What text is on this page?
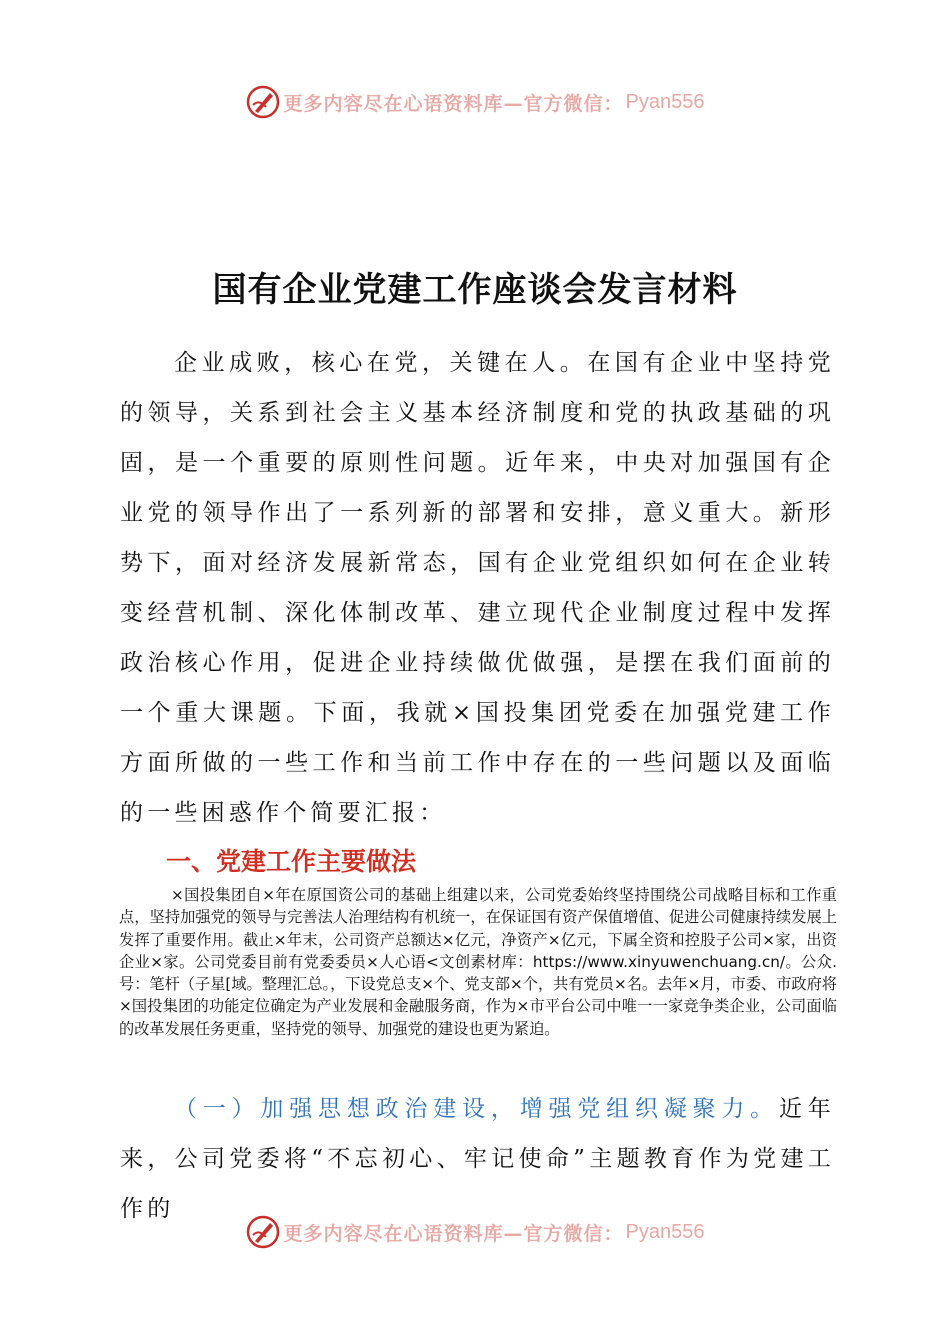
更多内容尽在心语资料库—官方微信： Pyan556
国有企业党建工作座谈会发言材料

企业成败，核心在党，关键在人。在国有企业中坚持党的领导，关系到社会主义基本经济制度和党的执政基础的巩固，是一个重要的原则性问题。近年来，中央对加强国有企业党的领导作出了一系列新的部署和安排，意义重大。新形势下，面对经济发展新常态，国有企业党组织如何在企业转变经营机制、深化体制改革、建立现代企业制度过程中发挥政治核心作用，促进企业持续做优做强，是摆在我们面前的一个重大课题。下面，我就×国投集团党委在加强党建工作方面所做的一些工作和当前工作中存在的一些问题以及面临的一些困惑作个简要汇报：

一、党建工作主要做法

×国投集团自×年在原国资公司的基础上组建以来，公司党委始终坚持围绕公司战略目标和工作重点，坚持加强党的领导与完善法人治理结构有机统一，在保证国有资产保值增值、促进公司健康持续发展上发挥了重要作用。截止×年末，公司资产总额达×亿元，净资产×亿元，下属全资和控股子公司×家，出资企业×家。公司党委目前有党委委员×人心语<文创素材库：https://www.xinyuwenchuang.cn/。公众.号：笔杆（子星[域。整理汇总。，下设党总支×个、党支部×个，共有党员×名。去年×月，市委、市政府将×国投集团的功能定位确定为产业发展和金融服务商，作为×市平台公司中唯一一家竞争类企业，公司面临的改革发展任务更重，坚持党的领导、加强党的建设也更为紧迫。

（一）加强思想政治建设，增强党组织凝聚力。近年来，公司党委将“不忘初心、牢记使命”主题教育作为党建工作的

更多内容尽在心语资料库—官方微信： Pyan556
